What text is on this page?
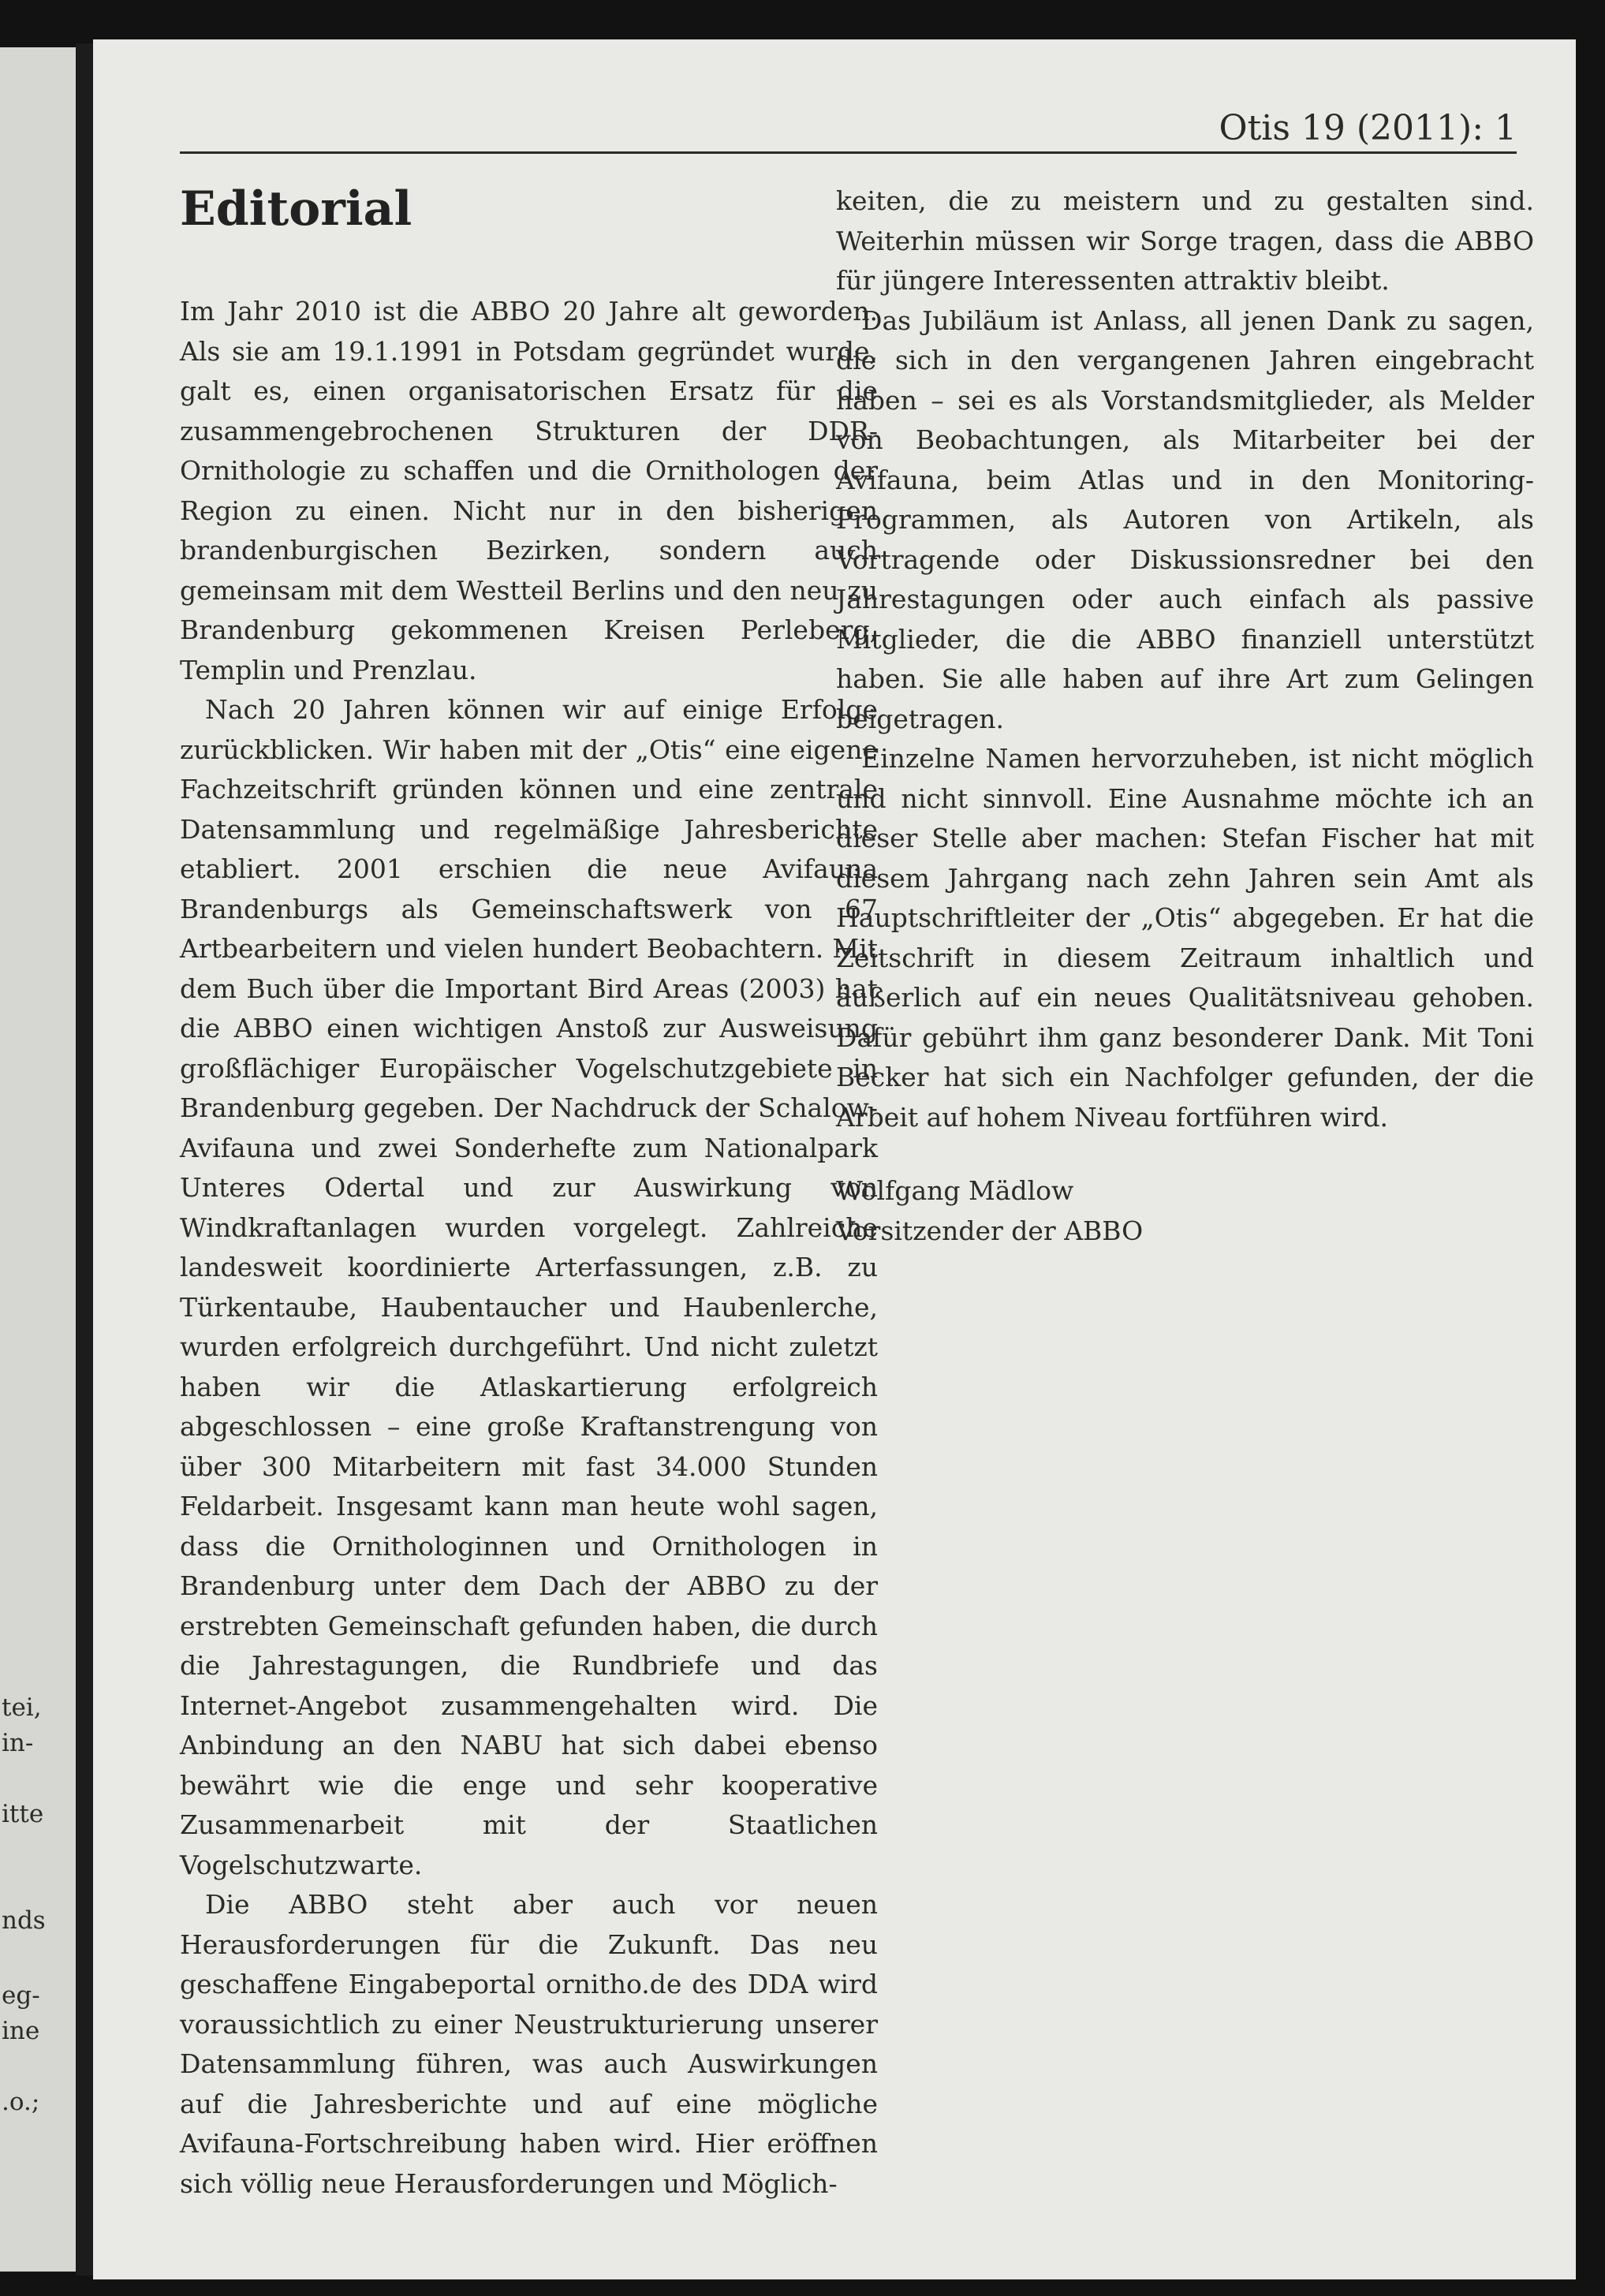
tei,
in-
itte
nds
eg-
ine
.o.;
Otis 19 (2011): 1
Editorial

Im Jahr 2010 ist die ABBO 20 Jahre alt geworden. Als sie am 19.1.1991 in Potsdam gegründet wurde, galt es, einen organisatorischen Ersatz für die zusammengebrochenen Strukturen der DDR-Ornithologie zu schaffen und die Ornithologen der Region zu einen. Nicht nur in den bisherigen brandenburgischen Bezirken, sondern auch gemeinsam mit dem Westteil Berlins und den neu zu Brandenburg gekommenen Kreisen Perleberg, Templin und Prenzlau.

Nach 20 Jahren können wir auf einige Erfolge zurückblicken. Wir haben mit der „Otis“ eine eigene Fachzeitschrift gründen können und eine zentrale Datensammlung und regelmäßige Jahresberichte etabliert. 2001 erschien die neue Avifauna Brandenburgs als Gemeinschaftswerk von 67 Artbearbeitern und vielen hundert Beobachtern. Mit dem Buch über die Important Bird Areas (2003) hat die ABBO einen wichtigen Anstoß zur Ausweisung großflächiger Europäischer Vogelschutzgebiete in Brandenburg gegeben. Der Nachdruck der Schalow-Avifauna und zwei Sonderhefte zum Nationalpark Unteres Odertal und zur Auswirkung von Windkraftanlagen wurden vorgelegt. Zahlreiche landesweit koordinierte Arterfassungen, z.B. zu Türkentaube, Haubentaucher und Haubenlerche, wurden erfolgreich durchgeführt. Und nicht zuletzt haben wir die Atlaskartierung erfolgreich abgeschlossen – eine große Kraftanstrengung von über 300 Mitarbeitern mit fast 34.000 Stunden Feldarbeit. Insgesamt kann man heute wohl sagen, dass die Ornithologinnen und Ornithologen in Brandenburg unter dem Dach der ABBO zu der erstrebten Gemeinschaft gefunden haben, die durch die Jahrestagungen, die Rundbriefe und das Internet-Angebot zusammengehalten wird. Die Anbindung an den NABU hat sich dabei ebenso bewährt wie die enge und sehr kooperative Zusammenarbeit mit der Staatlichen Vogelschutzwarte.

Die ABBO steht aber auch vor neuen Herausforderungen für die Zukunft. Das neu geschaffene Eingabeportal ornitho.de des DDA wird voraussichtlich zu einer Neustrukturierung unserer Datensammlung führen, was auch Auswirkungen auf die Jahresberichte und auf eine mögliche Avifauna-Fortschreibung haben wird. Hier eröffnen sich völlig neue Herausforderungen und Möglich-

keiten, die zu meistern und zu gestalten sind. Weiterhin müssen wir Sorge tragen, dass die ABBO für jüngere Interessenten attraktiv bleibt.

Das Jubiläum ist Anlass, all jenen Dank zu sagen, die sich in den vergangenen Jahren eingebracht haben – sei es als Vorstandsmitglieder, als Melder von Beobachtungen, als Mitarbeiter bei der Avifauna, beim Atlas und in den Monitoring-Programmen, als Autoren von Artikeln, als Vortragende oder Diskussionsredner bei den Jahrestagungen oder auch einfach als passive Mitglieder, die die ABBO finanziell unterstützt haben. Sie alle haben auf ihre Art zum Gelingen beigetragen.

Einzelne Namen hervorzuheben, ist nicht möglich und nicht sinnvoll. Eine Ausnahme möchte ich an dieser Stelle aber machen: Stefan Fischer hat mit diesem Jahrgang nach zehn Jahren sein Amt als Hauptschriftleiter der „Otis“ abgegeben. Er hat die Zeitschrift in diesem Zeitraum inhaltlich und äußerlich auf ein neues Qualitätsniveau gehoben. Dafür gebührt ihm ganz besonderer Dank. Mit Toni Becker hat sich ein Nachfolger gefunden, der die Arbeit auf hohem Niveau fortführen wird.

Wolfgang Mädlow
Vorsitzender der ABBO
